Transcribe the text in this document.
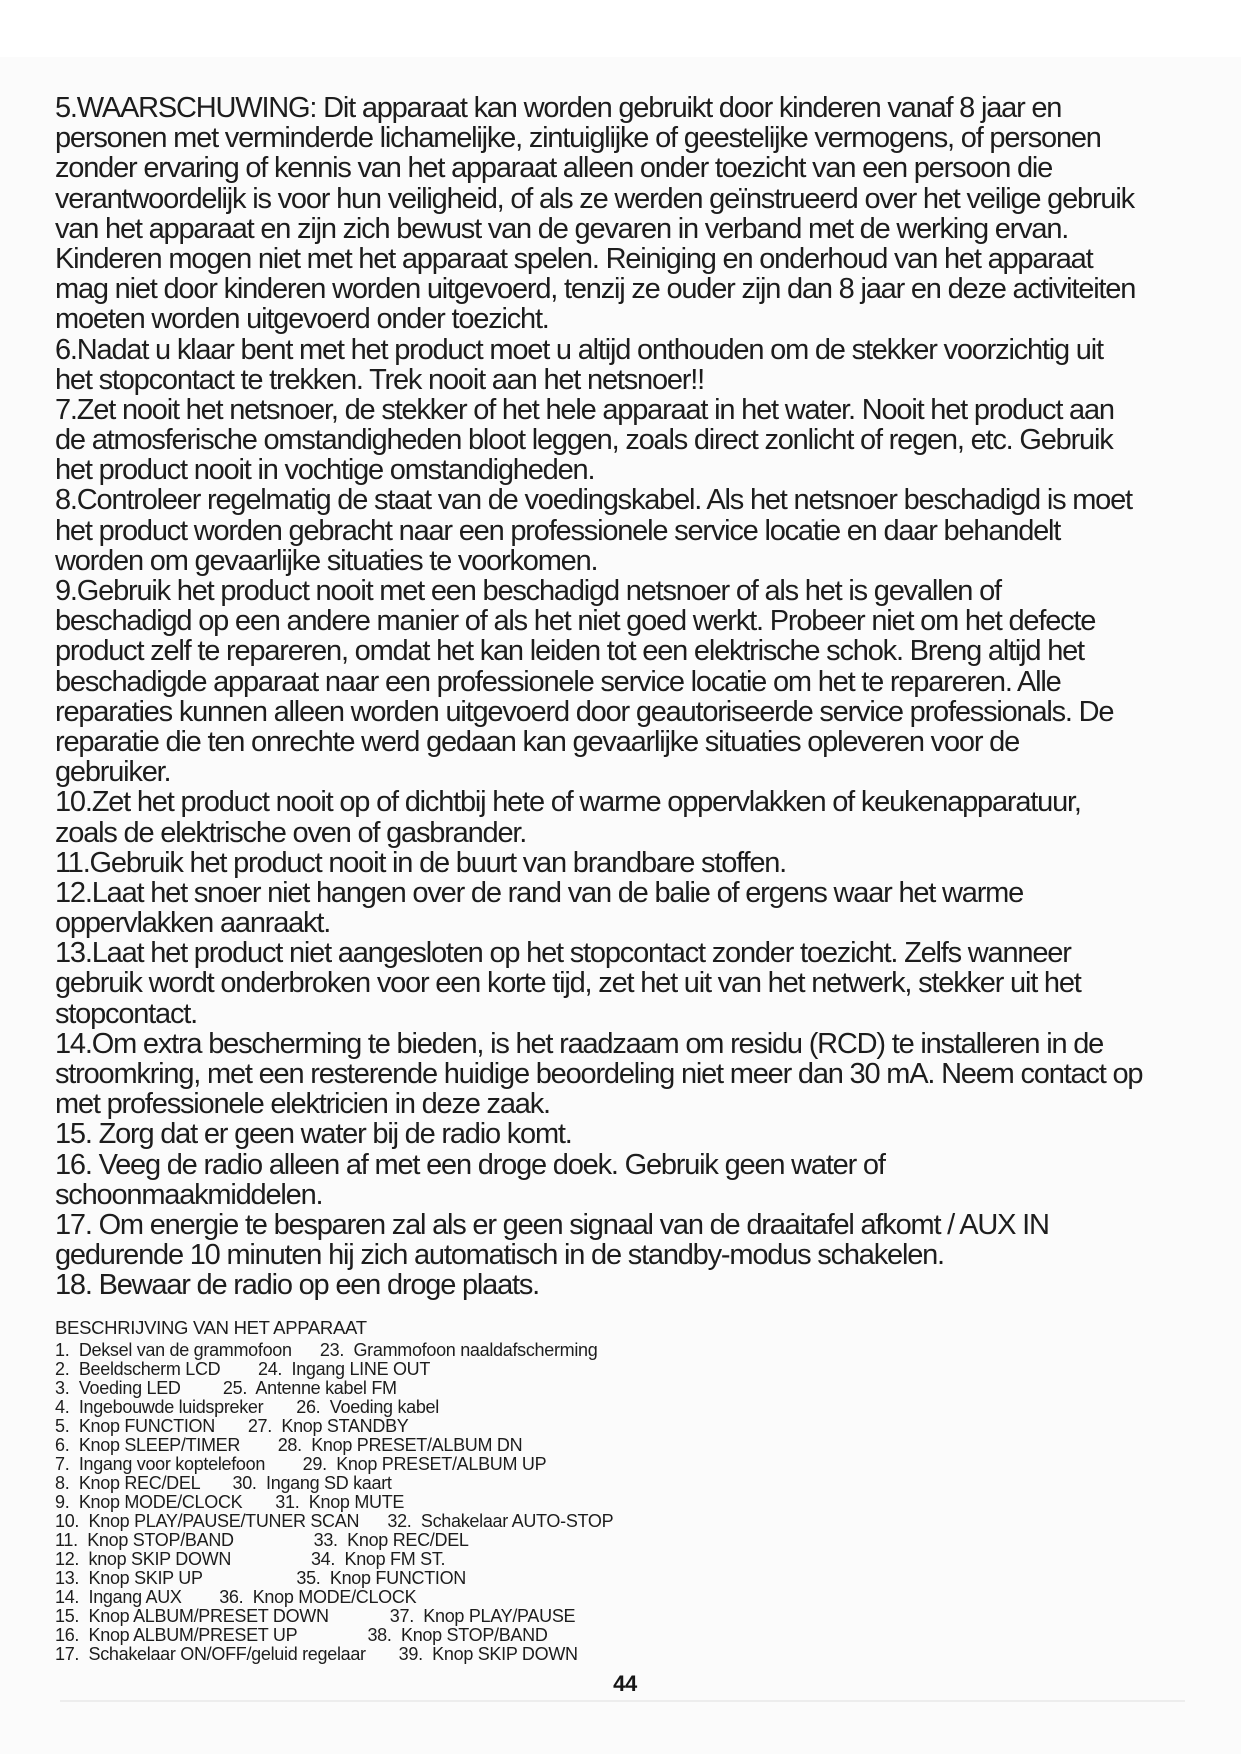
5.WAARSCHUWING: Dit apparaat kan worden gebruikt door kinderen vanaf 8 jaar en
personen met verminderde lichamelijke, zintuiglijke of geestelijke vermogens, of personen
zonder ervaring of kennis van het apparaat alleen onder toezicht van een persoon die
verantwoordelijk is voor hun veiligheid, of als ze werden geïnstrueerd over het veilige gebruik
van het apparaat en zijn zich bewust van de gevaren in verband met de werking ervan.
Kinderen mogen niet met het apparaat spelen. Reiniging en onderhoud van het apparaat
mag niet door kinderen worden uitgevoerd, tenzij ze ouder zijn dan 8 jaar en deze activiteiten
moeten worden uitgevoerd onder toezicht.
6.Nadat u klaar bent met het product moet u altijd onthouden om de stekker voorzichtig uit
het stopcontact te trekken. Trek nooit aan het netsnoer!!
7.Zet nooit het netsnoer, de stekker of het hele apparaat in het water. Nooit het product aan
de atmosferische omstandigheden bloot leggen, zoals direct zonlicht of regen, etc. Gebruik
het product nooit in vochtige omstandigheden.
8.Controleer regelmatig de staat van de voedingskabel. Als het netsnoer beschadigd is moet
het product worden gebracht naar een professionele service locatie en daar behandelt
worden om gevaarlijke situaties te voorkomen.
9.Gebruik het product nooit met een beschadigd netsnoer of als het is gevallen of
beschadigd op een andere manier of als het niet goed werkt. Probeer niet om het defecte
product zelf te repareren, omdat het kan leiden tot een elektrische schok. Breng altijd het
beschadigde apparaat naar een professionele service locatie om het te repareren. Alle
reparaties kunnen alleen worden uitgevoerd door geautoriseerde service professionals. De
reparatie die ten onrechte werd gedaan kan gevaarlijke situaties opleveren voor de
gebruiker.
10.Zet het product nooit op of dichtbij hete of warme oppervlakken of keukenapparatuur,
zoals de elektrische oven of gasbrander.
11.Gebruik het product nooit in de buurt van brandbare stoffen.
12.Laat het snoer niet hangen over de rand van de balie of ergens waar het warme
oppervlakken aanraakt.
13.Laat het product niet aangesloten op het stopcontact zonder toezicht. Zelfs wanneer
gebruik wordt onderbroken voor een korte tijd, zet het uit van het netwerk, stekker uit het
stopcontact.
14.Om extra bescherming te bieden, is het raadzaam om residu (RCD) te installeren in de
stroomkring, met een resterende huidige beoordeling niet meer dan 30 mA. Neem contact op
met professionele elektricien in deze zaak.
15. Zorg dat er geen water bij de radio komt.
16. Veeg de radio alleen af met een droge doek. Gebruik geen water of
schoonmaakmiddelen.
17. Om energie te besparen zal als er geen signaal van de draaitafel afkomt / AUX IN
gedurende 10 minuten hij zich automatisch in de standby-modus schakelen.
18. Bewaar de radio op een droge plaats.
BESCHRIJVING VAN HET APPARAAT
1.  Deksel van de grammofoon      23.  Grammofoon naaldafscherming
2.  Beeldscherm LCD        24.  Ingang LINE OUT
3.  Voeding LED         25.  Antenne kabel FM
4.  Ingebouwde luidspreker       26.  Voeding kabel
5.  Knop FUNCTION       27.  Knop STANDBY
6.  Knop SLEEP/TIMER        28.  Knop PRESET/ALBUM DN
7.  Ingang voor koptelefoon        29.  Knop PRESET/ALBUM UP
8.  Knop REC/DEL       30.  Ingang SD kaart
9.  Knop MODE/CLOCK       31.  Knop MUTE
10.  Knop PLAY/PAUSE/TUNER SCAN      32.  Schakelaar AUTO-STOP
11.  Knop STOP/BAND                 33.  Knop REC/DEL
12.  knop SKIP DOWN                 34.  Knop FM ST.
13.  Knop SKIP UP                    35.  Knop FUNCTION
14.  Ingang AUX        36.  Knop MODE/CLOCK
15.  Knop ALBUM/PRESET DOWN             37.  Knop PLAY/PAUSE
16.  Knop ALBUM/PRESET UP               38.  Knop STOP/BAND
17.  Schakelaar ON/OFF/geluid regelaar       39.  Knop SKIP DOWN
44
